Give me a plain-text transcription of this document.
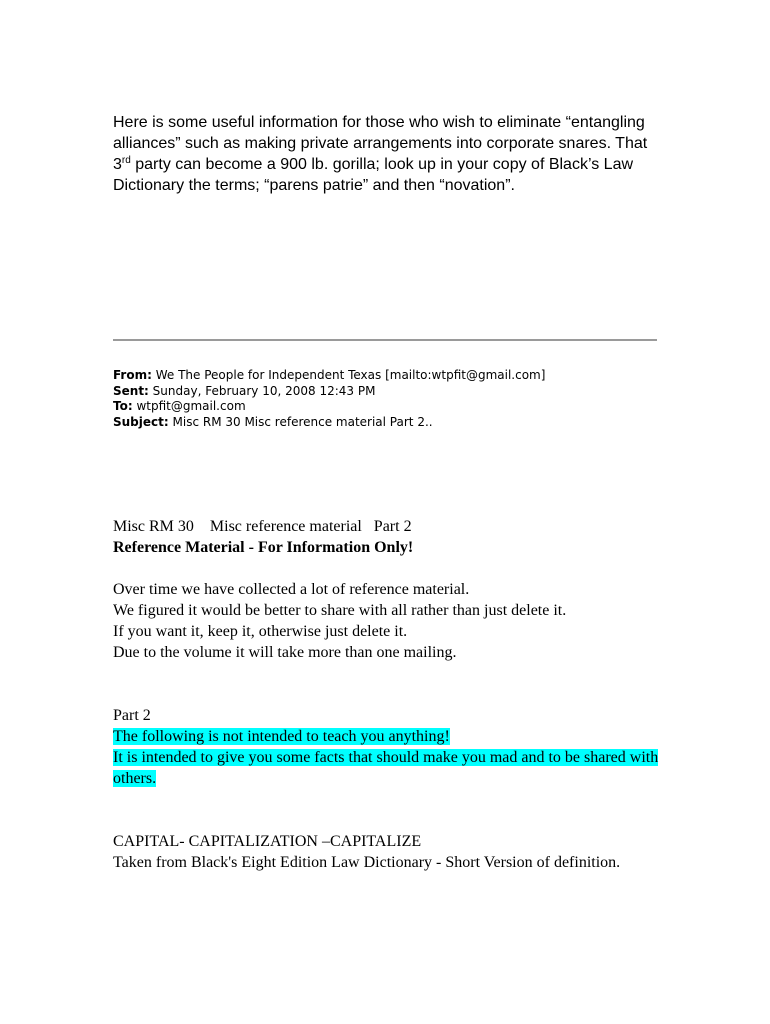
Here is some useful information for those who wish to eliminate “entangling alliances” such as making private arrangements into corporate snares. That 3rd party can become a 900 lb. gorilla; look up in your copy of Black’s Law Dictionary the terms; “parens patrie” and then “novation”.
From: We The People for Independent Texas [mailto:wtpfit@gmail.com]
Sent: Sunday, February 10, 2008 12:43 PM
To: wtpfit@gmail.com
Subject: Misc RM 30 Misc reference material Part 2..
Misc RM 30    Misc reference material   Part 2
Reference Material - For Information Only!
Over time we have collected a lot of reference material.
We figured it would be better to share with all rather than just delete it.
If you want it, keep it, otherwise just delete it.
Due to the volume it will take more than one mailing.
Part 2
The following is not intended to teach you anything!
It is intended to give you some facts that should make you mad and to be shared with others.
CAPITAL- CAPITALIZATION –CAPITALIZE
Taken from Black's Eight Edition Law Dictionary - Short Version of definition.
